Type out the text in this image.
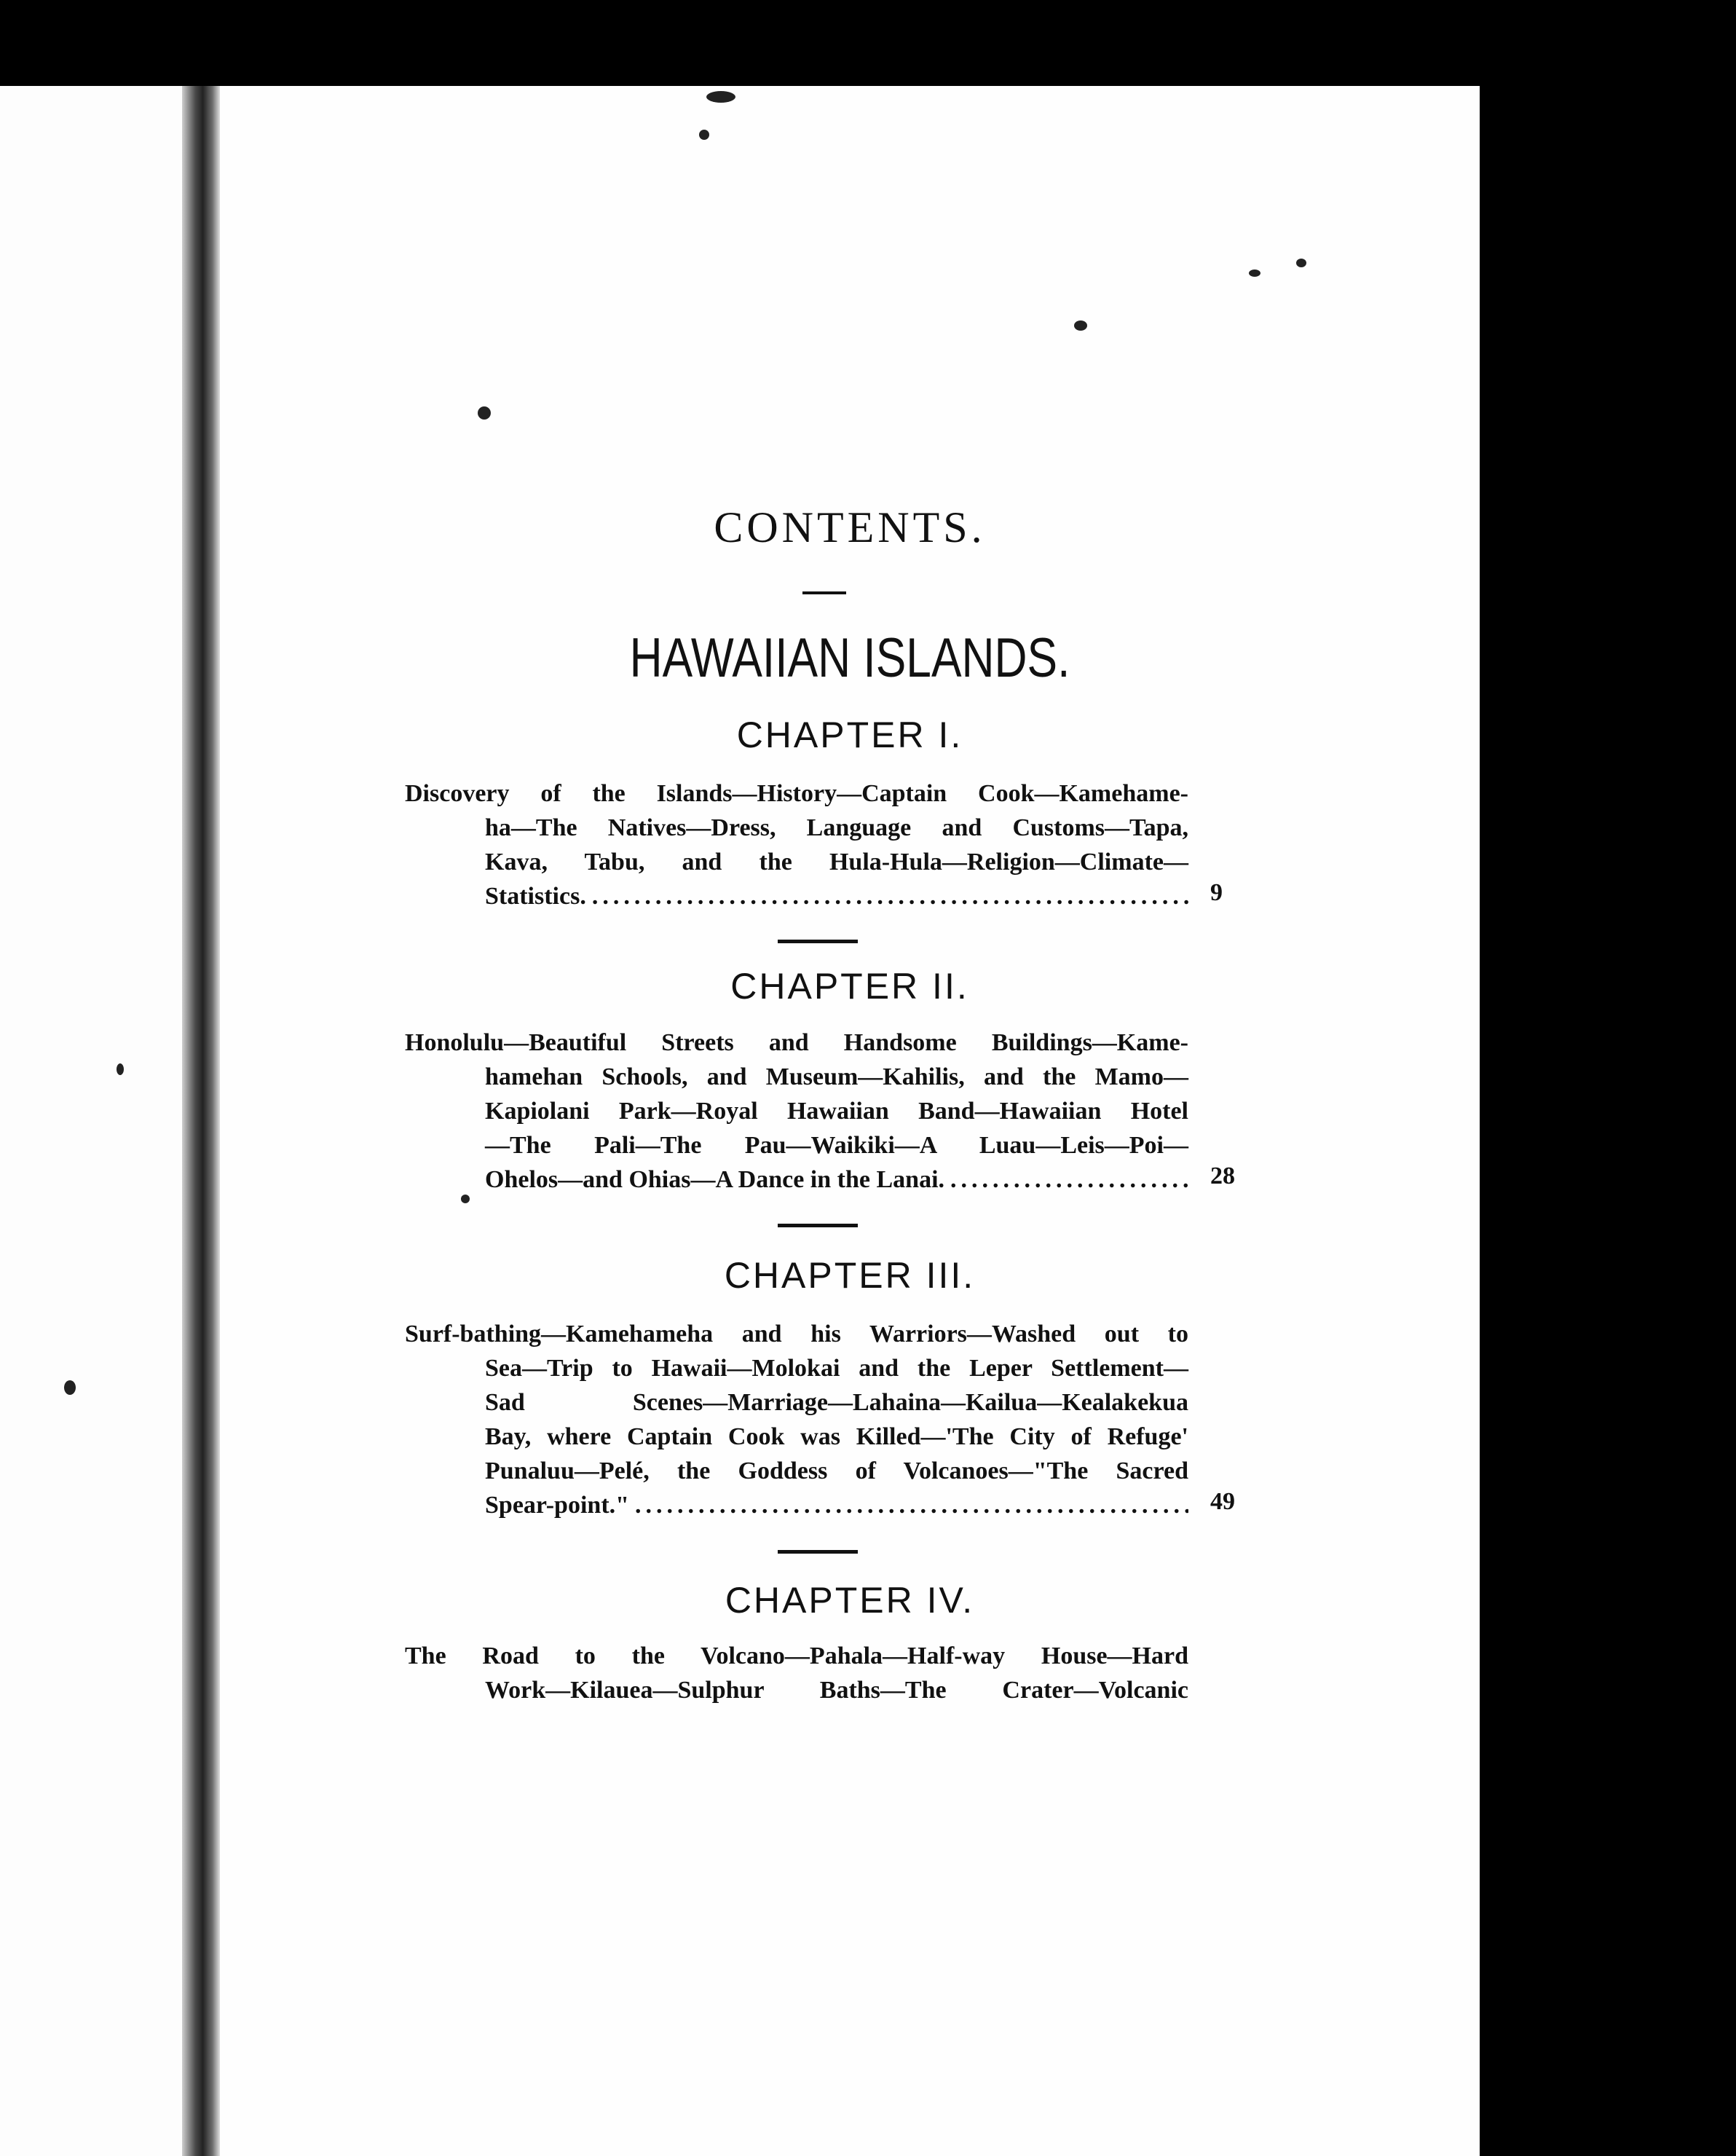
CONTENTS.
HAWAIIAN ISLANDS.
CHAPTER I.
Discovery of the Islands—History—Captain Cook—Kamehame-
ha—The Natives—Dress, Language and Customs—Tapa,
Kava, Tabu, and the Hula-Hula—Religion—Climate—
Statistics. .....	9
CHAPTER II.
Honolulu—Beautiful Streets and Handsome Buildings—Kame-
hamehan Schools, and Museum—Kahilis, and the Mamo—
Kapiolani Park—Royal Hawaiian Band—Hawaiian Hotel
—The Pali—The Pau—Waikiki—A Luau—Leis—Poi—
Ohelos—and Ohias—A Dance in the Lanai. .....	28
CHAPTER III.
Surf-bathing—Kamehameha and his Warriors—Washed out to
Sea—Trip to Hawaii—Molokai and the Leper Settlement—
Sad Scenes—Marriage—Lahaina—Kailua—Kealakekua
Bay, where Captain Cook was Killed—'The City of Refuge'
Punaluu—Pelé, the Goddess of Volcanoes—"The Sacred
Spear-point." .....	49
CHAPTER IV.
The Road to the Volcano—Pahala—Half-way House—Hard
Work—Kilauea—Sulphur Baths—The Crater—Volcanic
